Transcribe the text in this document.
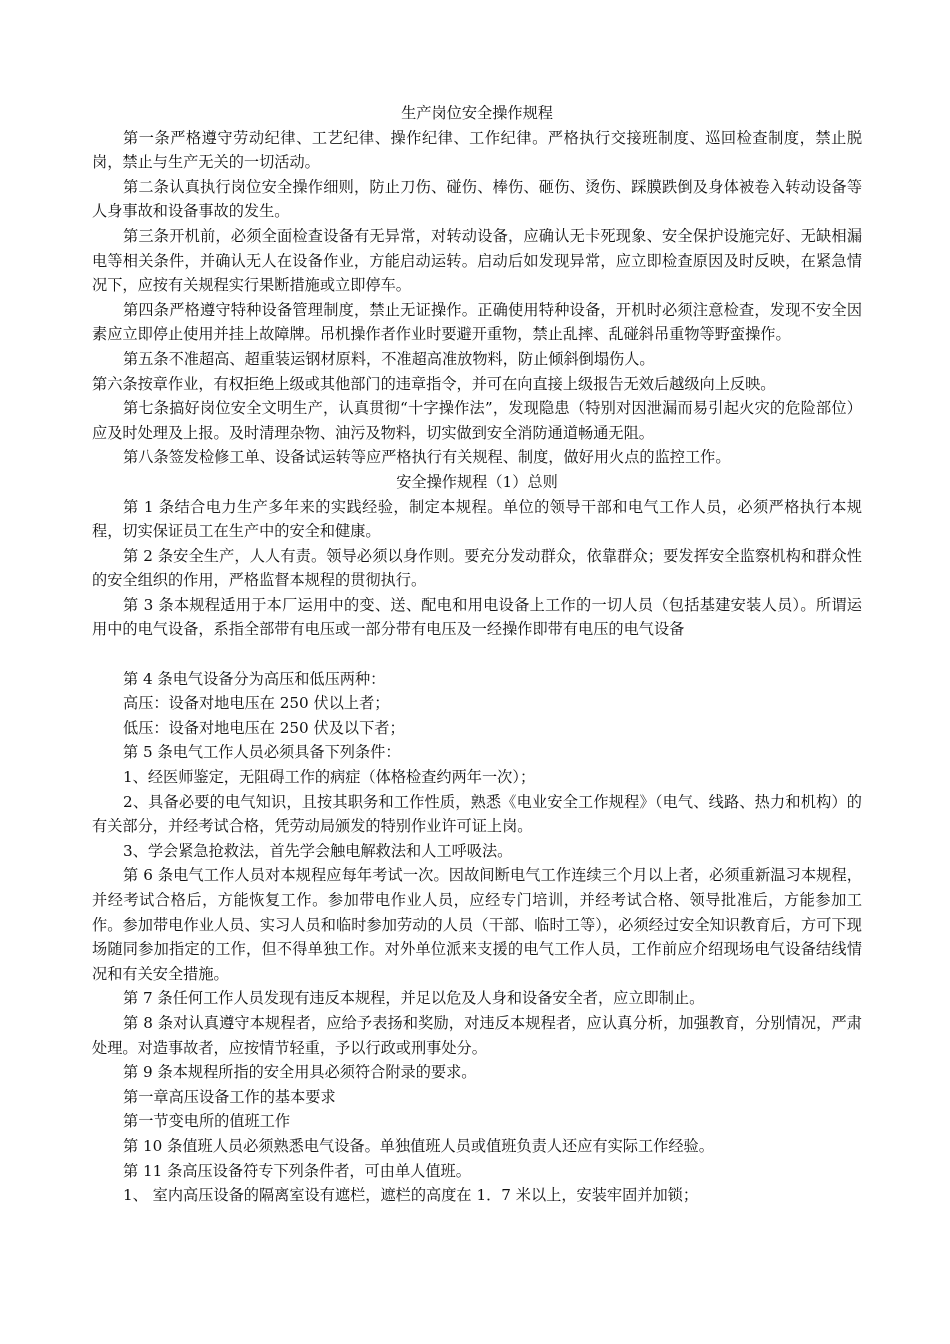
生产岗位安全操作规程

第一条严格遵守劳动纪律、工艺纪律、操作纪律、工作纪律。严格执行交接班制度、巡回检查制度，禁止脱岗，禁止与生产无关的一切活动。

第二条认真执行岗位安全操作细则，防止刀伤、碰伤、棒伤、砸伤、烫伤、踩膜跌倒及身体被卷入转动设备等人身事故和设备事故的发生。

第三条开机前，必须全面检查设备有无异常，对转动设备，应确认无卡死现象、安全保护设施完好、无缺相漏电等相关条件，并确认无人在设备作业，方能启动运转。启动后如发现异常，应立即检查原因及时反映，在紧急情况下，应按有关规程实行果断措施或立即停车。

第四条严格遵守特种设备管理制度，禁止无证操作。正确使用特种设备，开机时必须注意检查，发现不安全因素应立即停止使用并挂上故障牌。吊机操作者作业时要避开重物，禁止乱摔、乱碰斜吊重物等野蛮操作。

第五条不准超高、超重装运钢材原料，不准超高准放物料，防止倾斜倒塌伤人。

第六条按章作业，有权拒绝上级或其他部门的违章指令，并可在向直接上级报告无效后越级向上反映。

第七条搞好岗位安全文明生产，认真贯彻“十字操作法”，发现隐患（特别对因泄漏而易引起火灾的危险部位）应及时处理及上报。及时清理杂物、油污及物料，切实做到安全消防通道畅通无阻。

第八条签发检修工单、设备试运转等应严格执行有关规程、制度，做好用火点的监控工作。

安全操作规程（1）总则

第 1 条结合电力生产多年来的实践经验，制定本规程。单位的领导干部和电气工作人员，必须严格执行本规程，切实保证员工在生产中的安全和健康。

第 2 条安全生产，人人有责。领导必须以身作则。要充分发动群众，依靠群众；要发挥安全监察机构和群众性的安全组织的作用，严格监督本规程的贯彻执行。

第 3 条本规程适用于本厂运用中的变、送、配电和用电设备上工作的一切人员（包括基建安装人员）。所谓运用中的电气设备，系指全部带有电压或一部分带有电压及一经操作即带有电压的电气设备

第 4 条电气设备分为高压和低压两种：

高压：设备对地电压在 250 伏以上者；

低压：设备对地电压在 250 伏及以下者；

第 5 条电气工作人员必须具备下列条件：

1、经医师鉴定，无阻碍工作的病症（体格检查约两年一次）；

2、具备必要的电气知识，且按其职务和工作性质，熟悉《电业安全工作规程》（电气、线路、热力和机构）的有关部分，并经考试合格，凭劳动局颁发的特别作业许可证上岗。

3、学会紧急抢救法，首先学会触电解救法和人工呼吸法。

第 6 条电气工作人员对本规程应每年考试一次。因故间断电气工作连续三个月以上者，必须重新温习本规程，并经考试合格后，方能恢复工作。参加带电作业人员，应经专门培训，并经考试合格、领导批准后，方能参加工作。参加带电作业人员、实习人员和临时参加劳动的人员（干部、临时工等），必须经过安全知识教育后，方可下现场随同参加指定的工作，但不得单独工作。对外单位派来支援的电气工作人员，工作前应介绍现场电气设备结线情况和有关安全措施。

第 7 条任何工作人员发现有违反本规程，并足以危及人身和设备安全者，应立即制止。

第 8 条对认真遵守本规程者，应给予表扬和奖励，对违反本规程者，应认真分析，加强教育，分别情况，严肃处理。对造事故者，应按情节轻重，予以行政或刑事处分。

第 9 条本规程所指的安全用具必须符合附录的要求。

第一章高压设备工作的基本要求

第一节变电所的值班工作

第 10 条值班人员必须熟悉电气设备。单独值班人员或值班负责人还应有实际工作经验。

第 11 条高压设备符专下列条件者，可由单人值班。

1、 室内高压设备的隔离室设有遮栏，遮栏的高度在 1．7 米以上，安装牢固并加锁；
